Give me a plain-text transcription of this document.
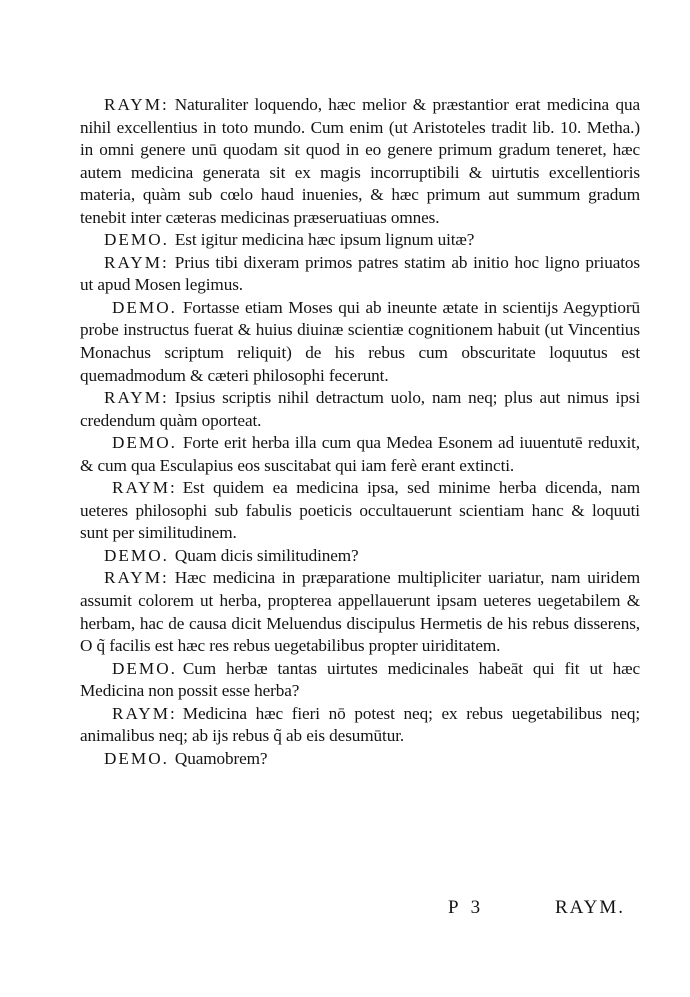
RAYM: Naturaliter loquendo, hæc melior & præstantior erat medicina qua nihil excellentius in toto mundo. Cum enim (ut Aristoteles tradit lib. 10. Metha.) in omni genere unū quodam sit quod in eo genere primum gradum teneret, hæc autem medicina generata sit ex magis incorruptibili & uirtutis excellentioris materia, quàm sub cœlo haud inuenies, & hæc primum aut summum gradum tenebit inter cæteras medicinas præseruatiuas omnes.

DEMO. Est igitur medicina hæc ipsum lignum uitæ?

RAYM: Prius tibi dixeram primos patres statim ab initio hoc ligno priuatos ut apud Mosen legimus.

DEMO. Fortasse etiam Moses qui ab ineunte ætate in scientijs Aegyptiorū probe instructus fuerat & huius diuinæ scientiæ cognitionem habuit (ut Vincentius Monachus scriptum reliquit) de his rebus cum obscuritate loquutus est quemadmodum & cæteri philosophi fecerunt.

RAYM: Ipsius scriptis nihil detractum uolo, nam neq; plus aut nimus ipsi credendum quàm oporteat.

DEMO. Forte erit herba illa cum qua Medea Esonem ad iuuentutē reduxit, & cum qua Esculapius eos suscitabat qui iam ferè erant extincti.

RAYM: Est quidem ea medicina ipsa, sed minime herba dicenda, nam ueteres philosophi sub fabulis poeticis occultauerunt scientiam hanc & loquuti sunt per similitudinem.

DEMO. Quam dicis similitudinem?

RAYM: Hæc medicina in præparatione multipliciter uariatur, nam uiridem assumit colorem ut herba, propterea appellauerunt ipsam ueteres uegetabilem & herbam, hac de causa dicit Meluendus discipulus Hermetis de his rebus disserens, O q̃ facilis est hæc res rebus uegetabilibus propter uiriditatem.

DEMO. Cum herbæ tantas uirtutes medicinales habeāt qui fit ut hæc Medicina non possit esse herba?

RAYM: Medicina hæc fieri nō potest neq; ex rebus uegetabilibus neq; animalibus neq; ab ijs rebus q̃ ab eis desumūtur.

DEMO. Quamobrem?

P 3	RAYM.
